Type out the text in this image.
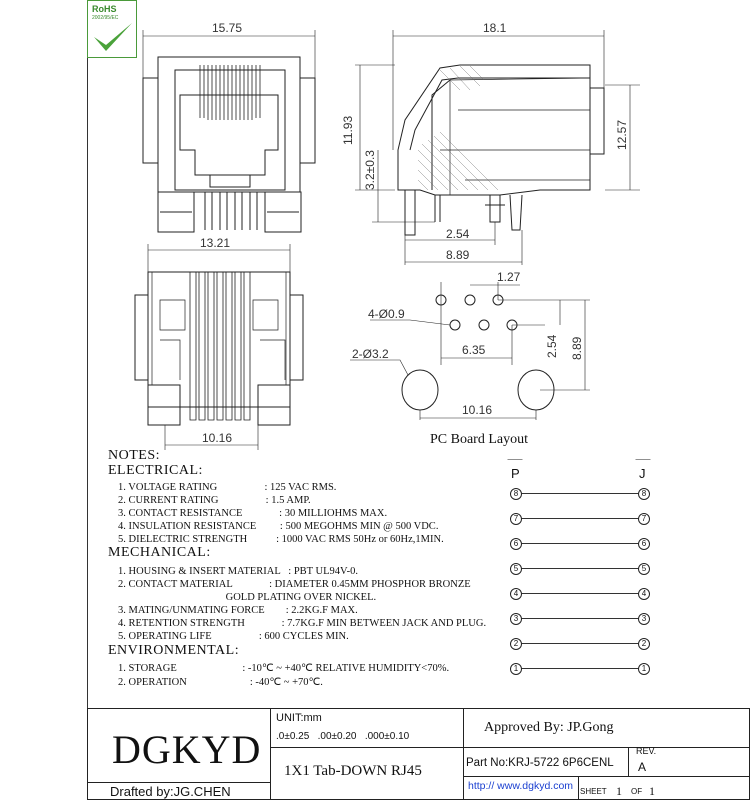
RoHS
2002/95/EC
15.75	18.1
11.93	12.57
3.2±0.3
2.54
8.89
13.21
10.16
1.27
4-Ø0.9
2-Ø3.2	6.35	2.54 8.89
10.16
PC Board Layout
NOTES:
ELECTRICAL:
1. VOLTAGE RATING                  : 125 VAC RMS.
2. CURRENT RATING                  : 1.5 AMP.
3. CONTACT RESISTANCE              : 30 MILLIOHMS MAX.
4. INSULATION RESISTANCE         : 500 MEGOHMS MIN @ 500 VDC.
5. DIELECTRIC STRENGTH           : 1000 VAC RMS 50Hz or 60Hz,1MIN.
MECHANICAL:
1. HOUSING & INSERT MATERIAL   : PBT UL94V-0.
2. CONTACT MATERIAL              : DIAMETER 0.45MM PHOSPHOR BRONZE
GOLD PLATING OVER NICKEL.
3. MATING/UNMATING FORCE        : 2.2KG.F MAX.
4. RETENTION STRENGTH              : 7.7KG.F MIN BETWEEN JACK AND PLUG.
5. OPERATING LIFE                  : 600 CYCLES MIN.
ENVIRONMENTAL:
1. STORAGE                         : -10℃ ~ +40℃ RELATIVE HUMIDITY<70%.
2. OPERATION                        : -40℃ ~ +70℃.
P	J
8	8
7	7
6	6
5	5
4	4
3	3
2	2
1	1
DGKYD
Drafted by:JG.CHEN
UNIT:mm
.0±0.25   .00±0.20   .000±0.10
1X1 Tab-DOWN RJ45
Approved By: JP.Gong
Part No:KRJ-5722 6P6CENL
REV.
A
http:// www.dgkyd.com SHEET 1 OF 1
